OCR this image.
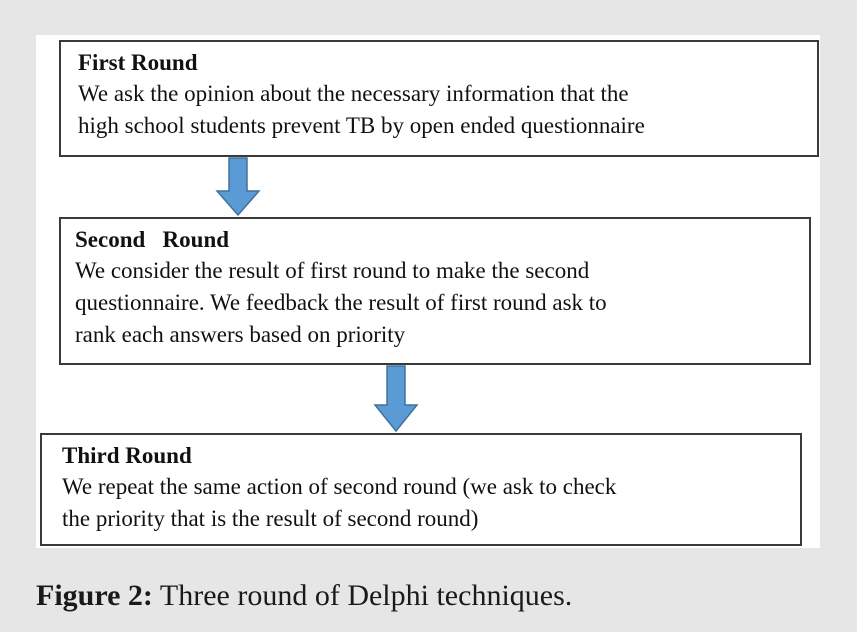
First Round
We ask the opinion about the necessary information that the
high school students prevent TB by open ended questionnaire
Second   Round
We consider the result of first round to make the second
questionnaire. We feedback the result of first round ask to
rank each answers based on priority
Third Round
We repeat the same action of second round (we ask to check
the priority that is the result of second round)
Figure 2: Three round of Delphi techniques.
